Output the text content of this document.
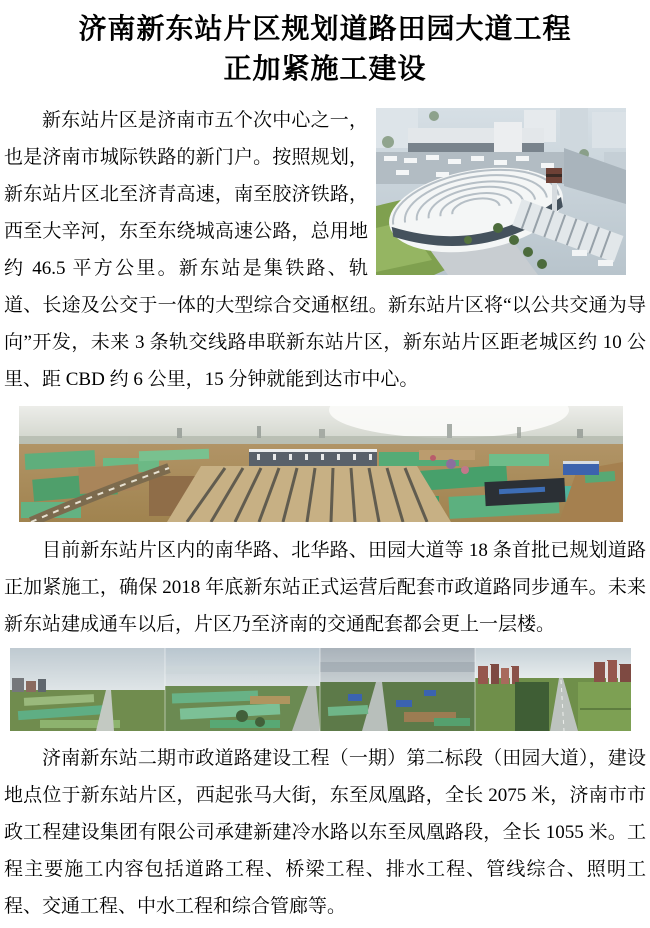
济南新东站片区规划道路田园大道工程
正加紧施工建设

新东站片区是济南市五个次中心之一，也是济南市城际铁路的新门户。按照规划，新东站片区北至济青高速，南至胶济铁路，西至大辛河，东至东绕城高速公路，总用地约 46.5 平方公里。新东站是集铁路、轨道、长途及公交于一体的大型综合交通枢纽。新东站片区将“以公共交通为导向”开发，未来 3 条轨交线路串联新东站片区，新东站片区距老城区约 10 公里、距 CBD 约 6 公里，15 分钟就能到达市中心。

目前新东站片区内的南华路、北华路、田园大道等 18 条首批已规划道路正加紧施工，确保 2018 年底新东站正式运营后配套市政道路同步通车。未来新东站建成通车以后，片区乃至济南的交通配套都会更上一层楼。

济南新东站二期市政道路建设工程（一期）第二标段（田园大道），建设地点位于新东站片区，西起张马大街，东至凤凰路，全长 2075 米，济南市市政工程建设集团有限公司承建新建冷水路以东至凤凰路段，全长 1055 米。工程主要施工内容包括道路工程、桥梁工程、排水工程、管线综合、照明工程、交通工程、中水工程和综合管廊等。
